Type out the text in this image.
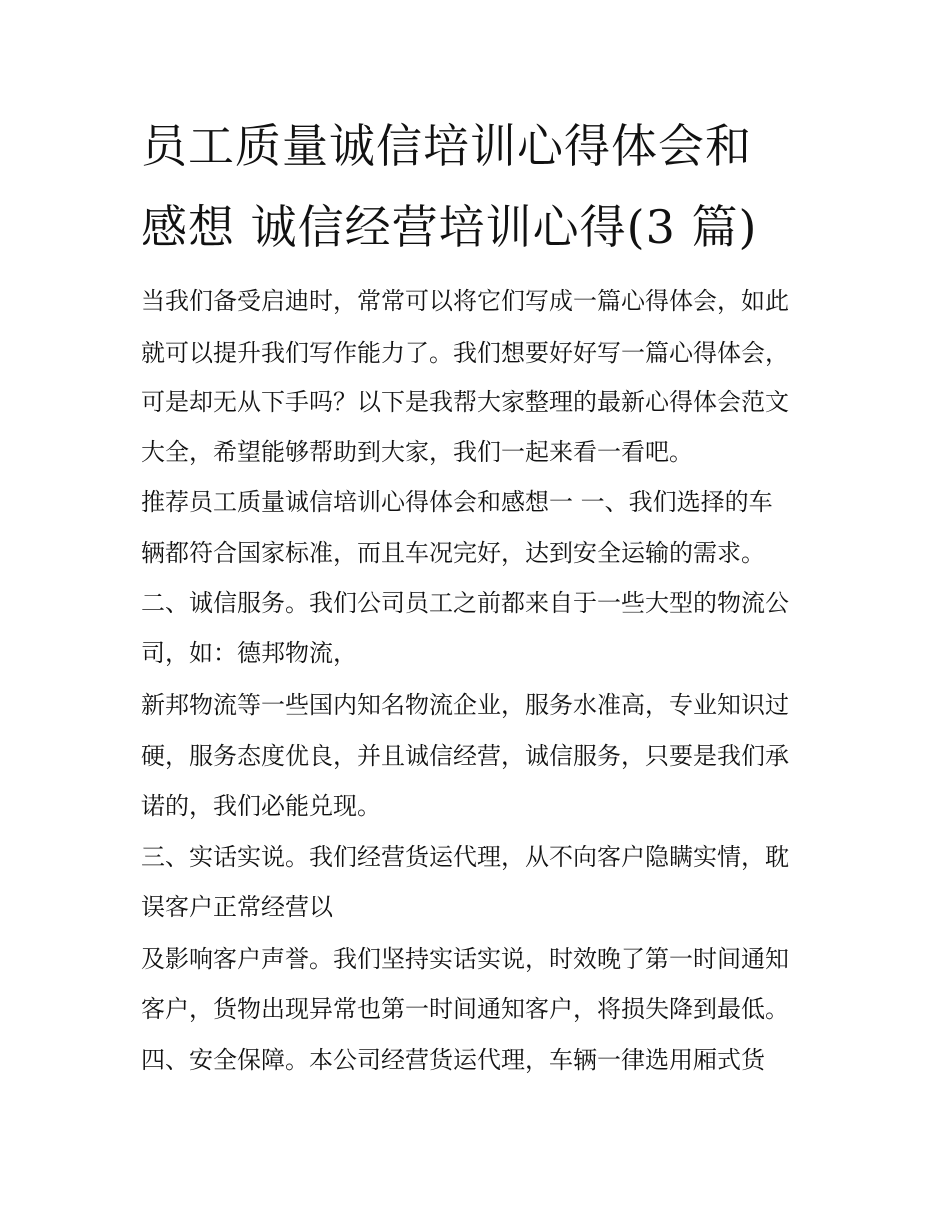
员工质量诚信培训心得体会和
感想 诚信经营培训心得(3 篇)
当我们备受启迪时，常常可以将它们写成一篇心得体会，如此
就可以提升我们写作能力了。我们想要好好写一篇心得体会，
可是却无从下手吗？以下是我帮大家整理的最新心得体会范文
大全，希望能够帮助到大家，我们一起来看一看吧。
推荐员工质量诚信培训心得体会和感想一 一、我们选择的车
辆都符合国家标准，而且车况完好，达到安全运输的需求。
二、诚信服务。我们公司员工之前都来自于一些大型的物流公
司，如：德邦物流，
新邦物流等一些国内知名物流企业，服务水准高，专业知识过
硬，服务态度优良，并且诚信经营，诚信服务，只要是我们承
诺的，我们必能兑现。
三、实话实说。我们经营货运代理，从不向客户隐瞒实情，耽
误客户正常经营以
及影响客户声誉。我们坚持实话实说，时效晚了第一时间通知
客户，货物出现异常也第一时间通知客户，将损失降到最低。
四、安全保障。本公司经营货运代理，车辆一律选用厢式货
